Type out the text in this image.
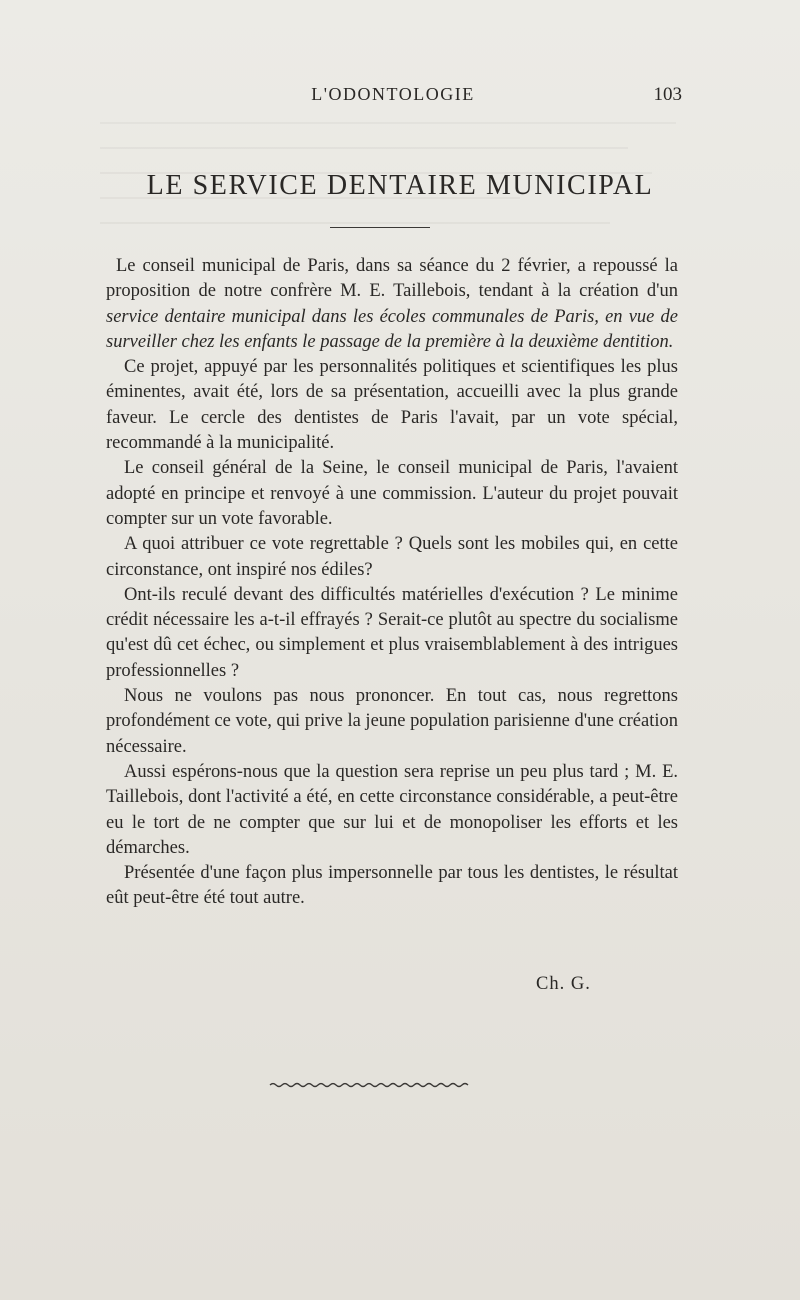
L'ODONTOLOGIE	103
LE SERVICE DENTAIRE MUNICIPAL

Le conseil municipal de Paris, dans sa séance du 2 février, a repoussé la proposition de notre confrère M. E. Taillebois, tendant à la création d'un service dentaire municipal dans les écoles communales de Paris, en vue de surveiller chez les enfants le passage de la première à la deuxième dentition.

Ce projet, appuyé par les personnalités politiques et scientifiques les plus éminentes, avait été, lors de sa présentation, accueilli avec la plus grande faveur. Le cercle des dentistes de Paris l'avait, par un vote spécial, recommandé à la municipalité.

Le conseil général de la Seine, le conseil municipal de Paris, l'avaient adopté en principe et renvoyé à une commission. L'auteur du projet pouvait compter sur un vote favorable.

A quoi attribuer ce vote regrettable ? Quels sont les mobiles qui, en cette circonstance, ont inspiré nos édiles?

Ont-ils reculé devant des difficultés matérielles d'exécution ? Le minime crédit nécessaire les a-t-il effrayés ? Serait-ce plutôt au spectre du socialisme qu'est dû cet échec, ou simplement et plus vraisemblablement à des intrigues professionnelles ?

Nous ne voulons pas nous prononcer. En tout cas, nous regrettons profondément ce vote, qui prive la jeune population parisienne d'une création nécessaire.

Aussi espérons-nous que la question sera reprise un peu plus tard ; M. E. Taillebois, dont l'activité a été, en cette circonstance considérable, a peut-être eu le tort de ne compter que sur lui et de monopoliser les efforts et les démarches.

Présentée d'une façon plus impersonnelle par tous les dentistes, le résultat eût peut-être été tout autre.

Ch. G.
